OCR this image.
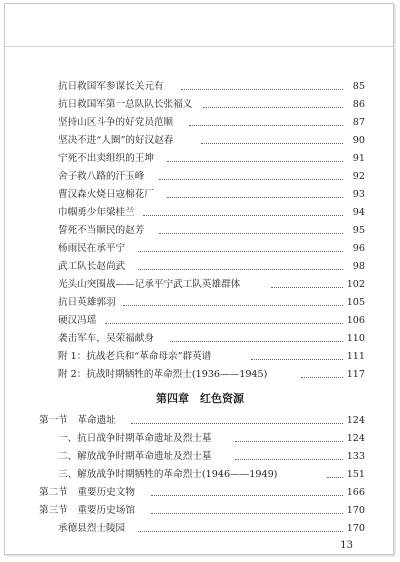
抗日救国军参谋长关元有	85
抗日救国军第一总队队长张福义	86
坚持山区斗争的好党员范顺	87
坚决不进“人圈”的好汉赵春	90
宁死不出卖组织的王坤	91
舍子救八路的汗玉峰	92
曹汉森火烧日寇棉花厂	93
巾帼勇少年梁桂兰	94
誓死不当顺民的赵芳	95
杨雨民在承平宁	96
武工队长赵尚武	98
光头山突围战——记承平宁武工队英雄群体	102
抗日英雄郭羽	105
硬汉冯瑶	106
袭击军车，吴荣福献身	110
附 1：抗战老兵和“革命母亲”群英谱	111
附 2：抗战时期牺牲的革命烈士(1936——1945)	117
第四章　红色资源
第一节　革命遗址	124
一、抗日战争时期革命遗址及烈士墓	124
二、解放战争时期革命遗址及烈士墓	133
三、解放战争时期牺牲的革命烈士(1946——1949)	151
第二节　重要历史文物	166
第三节　重要历史场馆	170
承德县烈士陵园	170
13
